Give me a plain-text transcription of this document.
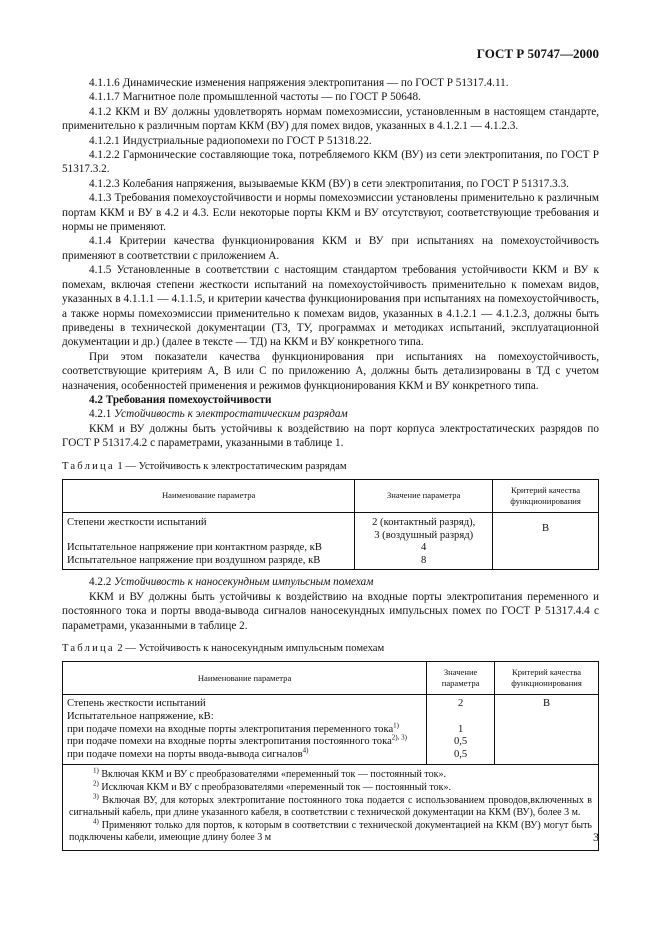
ГОСТ Р 50747—2000

4.1.1.6 Динамические изменения напряжения электропитания — по ГОСТ Р 51317.4.11.

4.1.1.7 Магнитное поле промышленной частоты — по ГОСТ Р 50648.

4.1.2 ККМ и ВУ должны удовлетворять нормам помехоэмиссии, установленным в настоящем стандарте, применительно к различным портам ККМ (ВУ) для помех видов, указанных в 4.1.2.1 — 4.1.2.3.

4.1.2.1 Индустриальные радиопомехи по ГОСТ Р 51318.22.

4.1.2.2 Гармонические составляющие тока, потребляемого ККМ (ВУ) из сети электропитания, по ГОСТ Р 51317.3.2.

4.1.2.3 Колебания напряжения, вызываемые ККМ (ВУ) в сети электропитания, по ГОСТ Р 51317.3.3.

4.1.3 Требования помехоустойчивости и нормы помехоэмиссии установлены применительно к различным портам ККМ и ВУ в 4.2 и 4.3. Если некоторые порты ККМ и ВУ отсутствуют, соответствующие требования и нормы не применяют.

4.1.4 Критерии качества функционирования ККМ и ВУ при испытаниях на помехоустойчивость применяют в соответствии с приложением А.

4.1.5 Установленные в соответствии с настоящим стандартом требования устойчивости ККМ и ВУ к помехам, включая степени жесткости испытаний на помехоустойчивость применительно к помехам видов, указанных в 4.1.1.1 — 4.1.1.5, и критерии качества функционирования при испытаниях на помехоустойчивость, а также нормы помехоэмиссии применительно к помехам видов, указанных в 4.1.2.1 — 4.1.2.3, должны быть приведены в технической документации (ТЗ, ТУ, программах и методиках испытаний, эксплуатационной документации и др.) (далее в тексте — ТД) на ККМ и ВУ конкретного типа.

При этом показатели качества функционирования при испытаниях на помехоустойчивость, соответствующие критериям А, В или С по приложению А, должны быть детализированы в ТД с учетом назначения, особенностей применения и режимов функционирования ККМ и ВУ конкретного типа.

4.2 Требования помехоустойчивости

4.2.1 Устойчивость к электростатическим разрядам

ККМ и ВУ должны быть устойчивы к воздействию на порт корпуса электростатических разрядов по ГОСТ Р 51317.4.2 с параметрами, указанными в таблице 1.

Таблица 1 — Устойчивость к электростатическим разрядам
Наименование параметра	Значение параметра	Критерий качества функционирования
Степени жесткости испытаний	2 (контактный разряд),
3 (воздушный разряд)	В
Испытательное напряжение при контактном разряде, кВ	4	
Испытательное напряжение при воздушном разряде, кВ	8	

4.2.2 Устойчивость к наносекундным импульсным помехам

ККМ и ВУ должны быть устойчивы к воздействию на входные порты электропитания переменного и постоянного тока и порты ввода-вывода сигналов наносекундных импульсных помех по ГОСТ Р 51317.4.4 с параметрами, указанными в таблице 2.

Таблица 2 — Устойчивость к наносекундным импульсным помехам
Наименование параметра	Значение параметра	Критерий качества функционирования
Степень жесткости испытаний	2	В
Испытательное напряжение, кВ:		
при подаче помехи на входные порты электропитания переменного тока$^{1)}$	1	
при подаче помехи на входные порты электропитания постоянного тока$^{2), 3)}$	0,5	
при подаче помехи на порты ввода-вывода сигналов$^{4)}$	0,5	

$^{1)}$ Включая ККМ и ВУ с преобразователями «переменный ток — постоянный ток».

$^{2)}$ Исключая ККМ и ВУ с преобразователями «переменный ток — постоянный ток».

$^{3)}$ Включая ВУ, для которых электропитание постоянного тока подается с использованием проводов,включенных в сигнальный кабель, при длине указанного кабеля, в соответствии с технической документации на ККМ (ВУ), более 3 м.

$^{4)}$ Применяют только для портов, к которым в соответствии с технической документацией на ККМ (ВУ) могут быть подключены кабели, имеющие длину более 3 м			3
